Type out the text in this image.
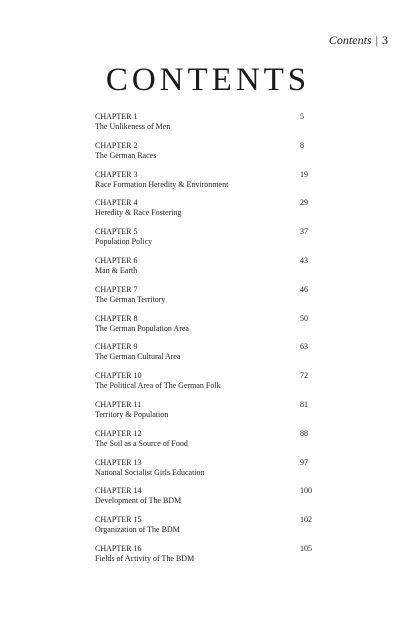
Contents | 3
CONTENTS
CHAPTER 1
The Unlikeness of Men
5
CHAPTER 2
The German Races
8
CHAPTER 3
Race Formation Heredity & Environment
19
CHAPTER 4
Heredity & Race Fostering
29
CHAPTER 5
Population Policy
37
CHAPTER 6
Man & Earth
43
CHAPTER 7
The German Territory
46
CHAPTER 8
The German Population Area
50
CHAPTER 9
The German Cultural Area
63
CHAPTER 10
The Political Area of The German Folk
72
CHAPTER 11
Territory & Population
81
CHAPTER 12
The Soil as a Source of Food
88
CHAPTER 13
National Socialist Girls Education
97
CHAPTER 14
Development of The BDM
100
CHAPTER 15
Organization of The BDM
102
CHAPTER 16
Fields of Activity of The BDM
105
